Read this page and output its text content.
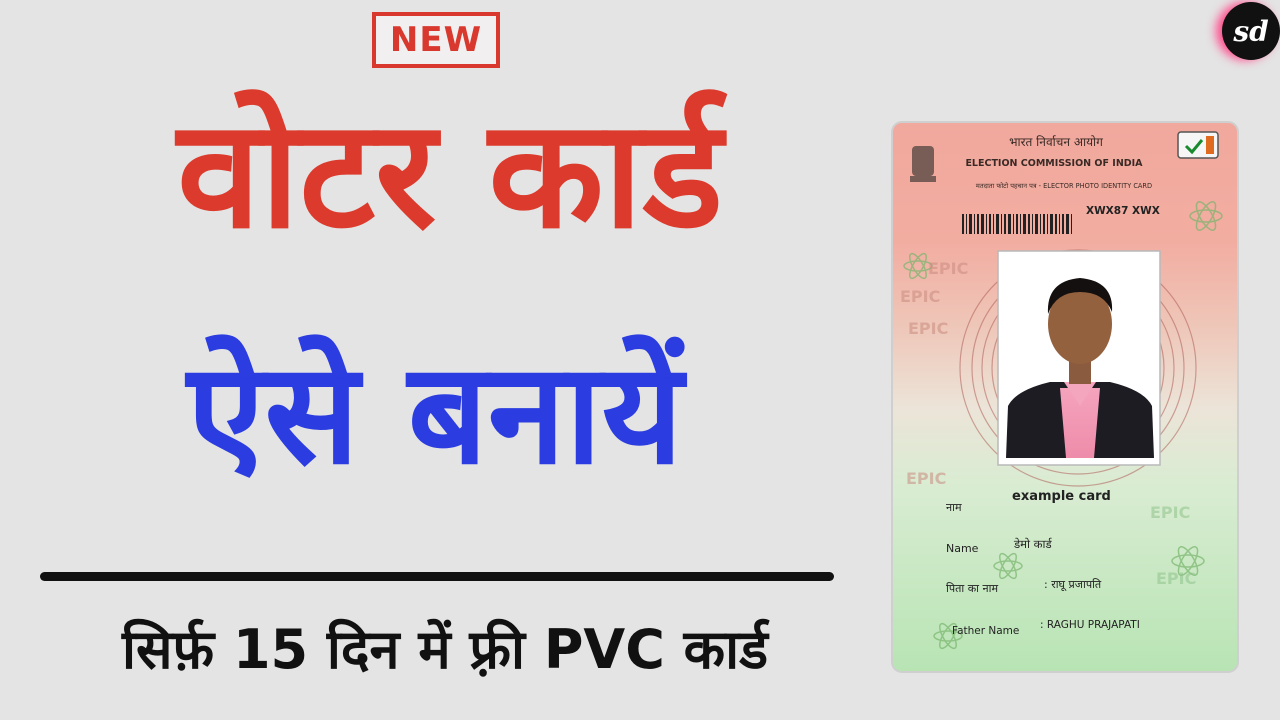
NEW
वोटर कार्ड
ऐसे बनायें
सिर्फ़ 15 दिन में फ़्री PVC कार्ड
sd
EPIC
EPIC
EPIC
EPIC
EPIC
EPIC
भारत निर्वाचन आयोग
ELECTION COMMISSION OF INDIA
मतदाता फोटो पहचान पत्र - ELECTOR PHOTO IDENTITY CARD
XWX87 XWX
example card
नाम
Name	डेमो कार्ड
पिता का नाम	: राघू प्रजापति
Father Name : RAGHU PRAJAPATI
